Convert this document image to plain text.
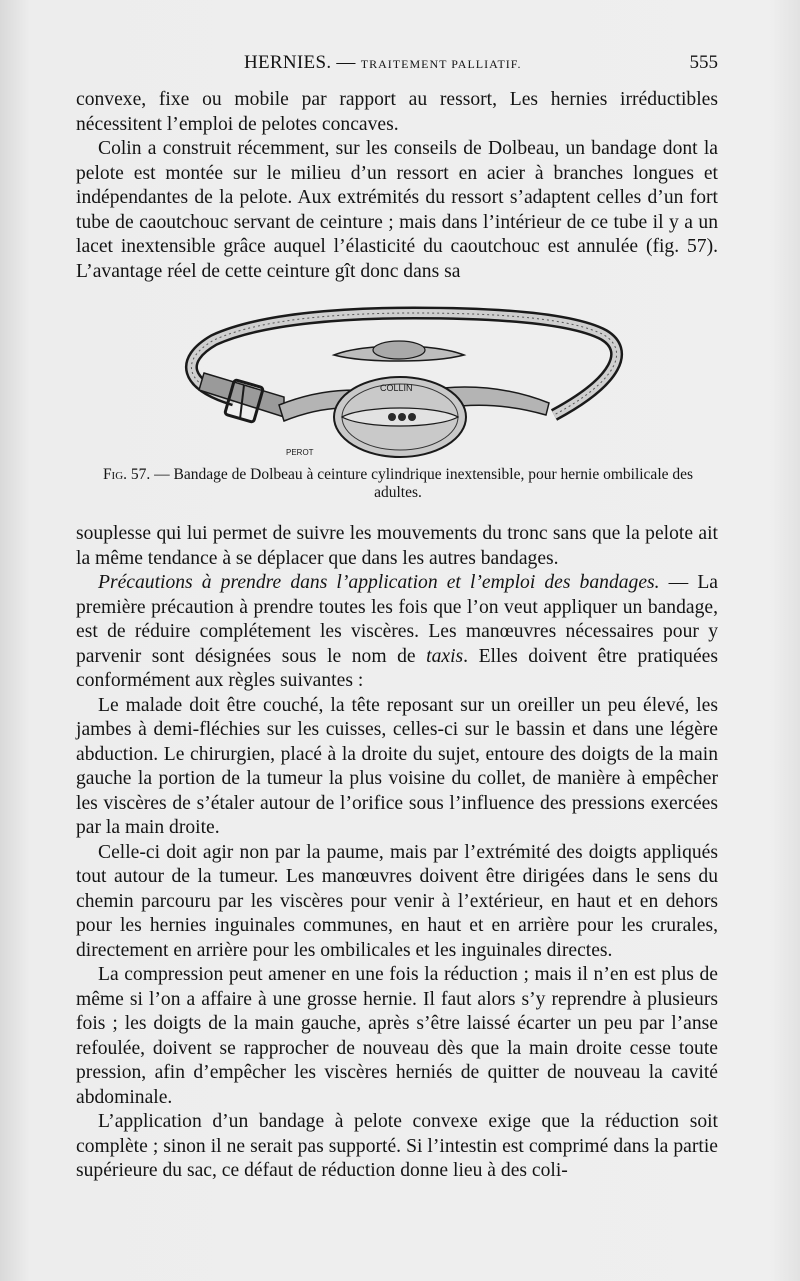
HERNIES. — TRAITEMENT PALLIATIF.	555

convexe, fixe ou mobile par rapport au ressort, Les hernies irréductibles nécessitent l’emploi de pelotes concaves.

Colin a construit récemment, sur les conseils de Dolbeau, un bandage dont la pelote est montée sur le milieu d’un ressort en acier à branches longues et indépendantes de la pelote. Aux extrémités du ressort s’adaptent celles d’un fort tube de caoutchouc servant de ceinture ; mais dans l’intérieur de ce tube il y a un lacet inextensible grâce auquel l’élasticité du caoutchouc est annulée (fig. 57). L’avantage réel de cette ceinture gît donc dans sa

COLLIN
PEROT
Fig. 57. — Bandage de Dolbeau à ceinture cylindrique inextensible, pour hernie ombilicale des adultes.

souplesse qui lui permet de suivre les mouvements du tronc sans que la pelote ait la même tendance à se déplacer que dans les autres bandages.

Précautions à prendre dans l’application et l’emploi des bandages. — La première précaution à prendre toutes les fois que l’on veut appliquer un bandage, est de réduire complétement les viscères. Les manœuvres nécessaires pour y parvenir sont désignées sous le nom de taxis. Elles doivent être pratiquées conformément aux règles suivantes :

Le malade doit être couché, la tête reposant sur un oreiller un peu élevé, les jambes à demi-fléchies sur les cuisses, celles-ci sur le bassin et dans une légère abduction. Le chirurgien, placé à la droite du sujet, entoure des doigts de la main gauche la portion de la tumeur la plus voisine du collet, de manière à empêcher les viscères de s’étaler autour de l’orifice sous l’influence des pressions exercées par la main droite.

Celle-ci doit agir non par la paume, mais par l’extrémité des doigts appliqués tout autour de la tumeur. Les manœuvres doivent être dirigées dans le sens du chemin parcouru par les viscères pour venir à l’extérieur, en haut et en dehors pour les hernies inguinales communes, en haut et en arrière pour les crurales, directement en arrière pour les ombilicales et les inguinales directes.

La compression peut amener en une fois la réduction ; mais il n’en est plus de même si l’on a affaire à une grosse hernie. Il faut alors s’y reprendre à plusieurs fois ; les doigts de la main gauche, après s’être laissé écarter un peu par l’anse refoulée, doivent se rapprocher de nouveau dès que la main droite cesse toute pression, afin d’empêcher les viscères herniés de quitter de nouveau la cavité abdominale.

L’application d’un bandage à pelote convexe exige que la réduction soit complète ; sinon il ne serait pas supporté. Si l’intestin est comprimé dans la partie supérieure du sac, ce défaut de réduction donne lieu à des coli-
